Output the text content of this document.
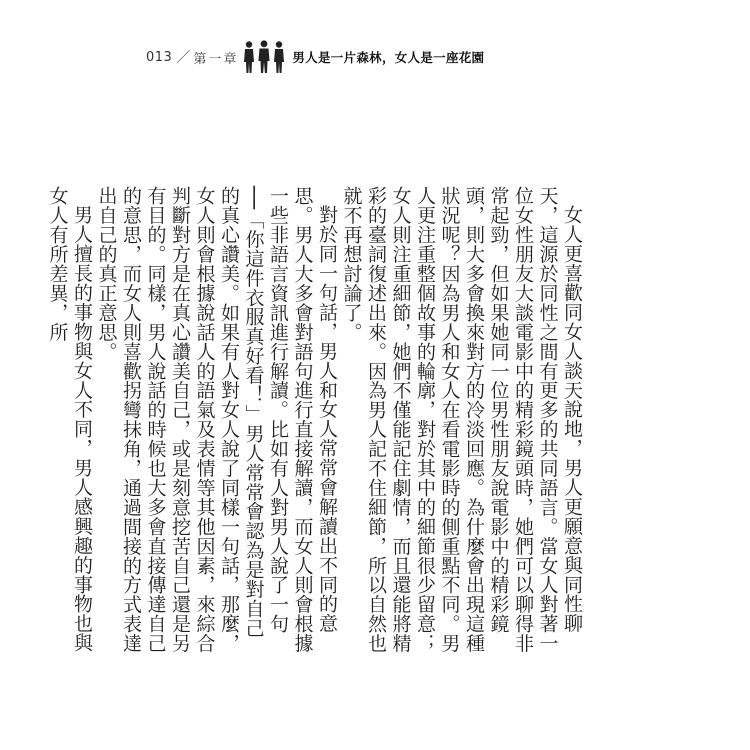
013 ／ 第一章	男人是一片森林，女人是一座花園

女人更喜歡同女人談天說地，男人更願意與同性聊天，這源於同性之間有更多的共同語言。當女人對著一位女性朋友大談電影中的精彩鏡頭時，她們可以聊得非常起勁，但如果她同一位男性朋友說電影中的精彩鏡頭，則大多會換來對方的冷淡回應。為什麼會出現這種狀況呢？因為男人和女人在看電影時的側重點不同。男人更注重整個故事的輪廓，對於其中的細節很少留意；女人則注重細節，她們不僅能記住劇情，而且還能將精彩的臺詞復述出來。因為男人記不住細節，所以自然也就不再想討論了。

對於同一句話，男人和女人常常會解讀出不同的意思。男人大多會對語句進行直接解讀，而女人則會根據一些非語言資訊進行解讀。比如有人對男人說了一句──「你這件衣服真好看！」男人常常會認為是對自己的真心讚美。如果有人對女人說了同樣一句話，那麼，女人則會根據說話人的語氣及表情等其他因素，來綜合判斷對方是在真心讚美自己，或是刻意挖苦自己還是另有目的。同樣，男人說話的時候也大多會直接傳達自己的意思，而女人則喜歡拐彎抹角，通過間接的方式表達出自己的真正意思。

男人擅長的事物與女人不同，男人感興趣的事物也與女人有所差異，所
